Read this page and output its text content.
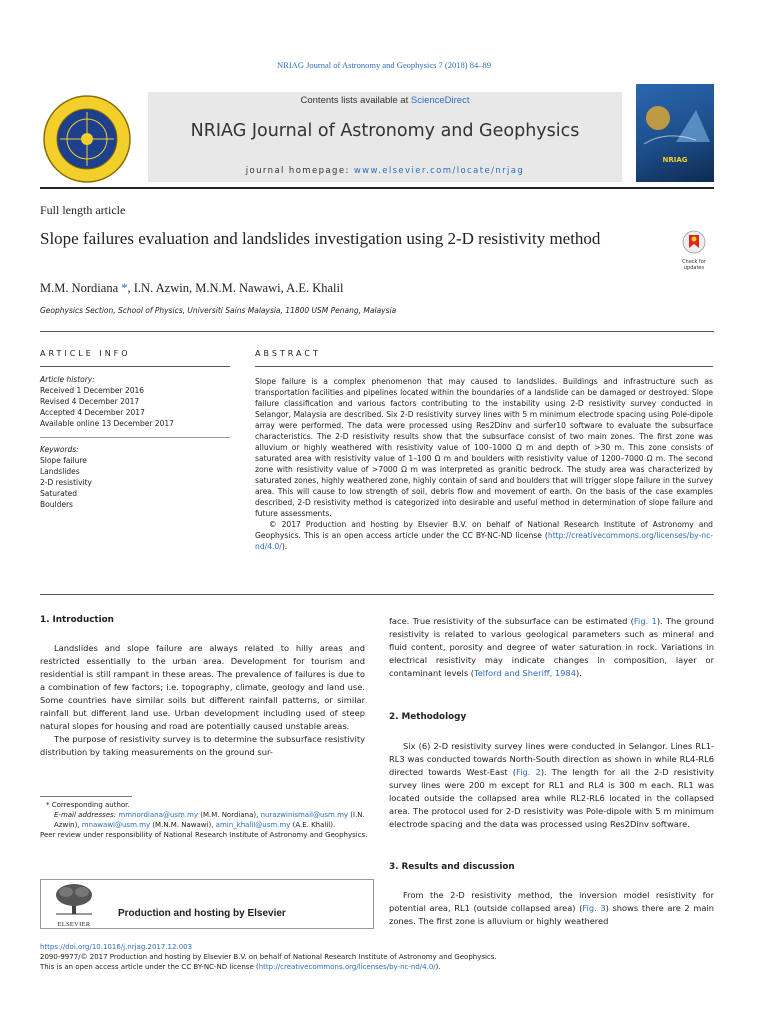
NRIAG Journal of Astronomy and Geophysics 7 (2018) 84–89
Contents lists available at ScienceDirect
NRIAG Journal of Astronomy and Geophysics
journal homepage: www.elsevier.com/locate/nrjag
NRIAG
Full length article
Slope failures evaluation and landslides investigation using 2-D resistivity method
Check for updates
M.M. Nordiana *, I.N. Azwin, M.N.M. Nawawi, A.E. Khalil
Geophysics Section, School of Physics, Universiti Sains Malaysia, 11800 USM Penang, Malaysia
ARTICLE INFO
Article history:
Received 1 December 2016
Revised 4 December 2017
Accepted 4 December 2017
Available online 13 December 2017
Keywords:
Slope failure
Landslides
2-D resistivity
Saturated
Boulders
ABSTRACT
Slope failure is a complex phenomenon that may caused to landslides. Buildings and infrastructure such as transportation facilities and pipelines located within the boundaries of a landslide can be damaged or destroyed. Slope failure classification and various factors contributing to the instability using 2-D resistivity survey conducted in Selangor, Malaysia are described. Six 2-D resistivity survey lines with 5 m minimum electrode spacing using Pole-dipole array were performed. The data were processed using Res2Dinv and surfer10 software to evaluate the subsurface characteristics. The 2-D resistivity results show that the subsurface consist of two main zones. The first zone was alluvium or highly weathered with resistivity value of 100–1000 Ω m and depth of >30 m. This zone consists of saturated area with resistivity value of 1–100 Ω m and boulders with resistivity value of 1200–7000 Ω m. The second zone with resistivity value of >7000 Ω m was interpreted as granitic bedrock. The study area was characterized by saturated zones, highly weathered zone, highly contain of sand and boulders that will trigger slope failure in the survey area. This will cause to low strength of soil, debris flow and movement of earth. On the basis of the case examples described, 2-D resistivity method is categorized into desirable and useful method in determination of slope failure and future assessments.
© 2017 Production and hosting by Elsevier B.V. on behalf of National Research Institute of Astronomy and Geophysics. This is an open access article under the CC BY-NC-ND license (http://creativecommons.org/licenses/by-nc-nd/4.0/).
1. Introduction

Landslides and slope failure are always related to hilly areas and restricted essentially to the urban area. Development for tourism and residential is still rampant in these areas. The prevalence of failures is due to a combination of few factors; i.e. topography, climate, geology and land use. Some countries have similar soils but different rainfall patterns, or similar rainfall but different land use. Urban development including used of steep natural slopes for housing and road are potentially caused unstable areas.

The purpose of resistivity survey is to determine the subsurface resistivity distribution by taking measurements on the ground sur-

* Corresponding author.
E-mail addresses: mmnordiana@usm.my (M.M. Nordiana), nurazwinismail@usm.my (I.N. Azwin), mnawawi@usm.my (M.N.M. Nawawi), amin_khalil@usm.my (A.E. Khalil).
Peer review under responsibility of National Research Institute of Astronomy and Geophysics.
ELSEVIER
Production and hosting by Elsevier

face. True resistivity of the subsurface can be estimated (Fig. 1). The ground resistivity is related to various geological parameters such as mineral and fluid content, porosity and degree of water saturation in rock. Variations in electrical resistivity may indicate changes in composition, layer or contaminant levels (Telford and Sheriff, 1984).

2. Methodology

Six (6) 2-D resistivity survey lines were conducted in Selangor. Lines RL1-RL3 was conducted towards North-South direction as shown in while RL4-RL6 directed towards West-East (Fig. 2). The length for all the 2-D resistivity survey lines were 200 m except for RL1 and RL4 is 300 m each. RL1 was located outside the collapsed area while RL2-RL6 located in the collapsed area. The protocol used for 2-D resistivity was Pole-dipole with 5 m minimum electrode spacing and the data was processed using Res2Dinv software.

3. Results and discussion

From the 2-D resistivity method, the inversion model resistivity for potential area, RL1 (outside collapsed area) (Fig. 3) shows there are 2 main zones. The first zone is alluvium or highly weathered

https://doi.org/10.1016/j.nrjag.2017.12.003
2090-9977/© 2017 Production and hosting by Elsevier B.V. on behalf of National Research Institute of Astronomy and Geophysics.
This is an open access article under the CC BY-NC-ND license (http://creativecommons.org/licenses/by-nc-nd/4.0/).
